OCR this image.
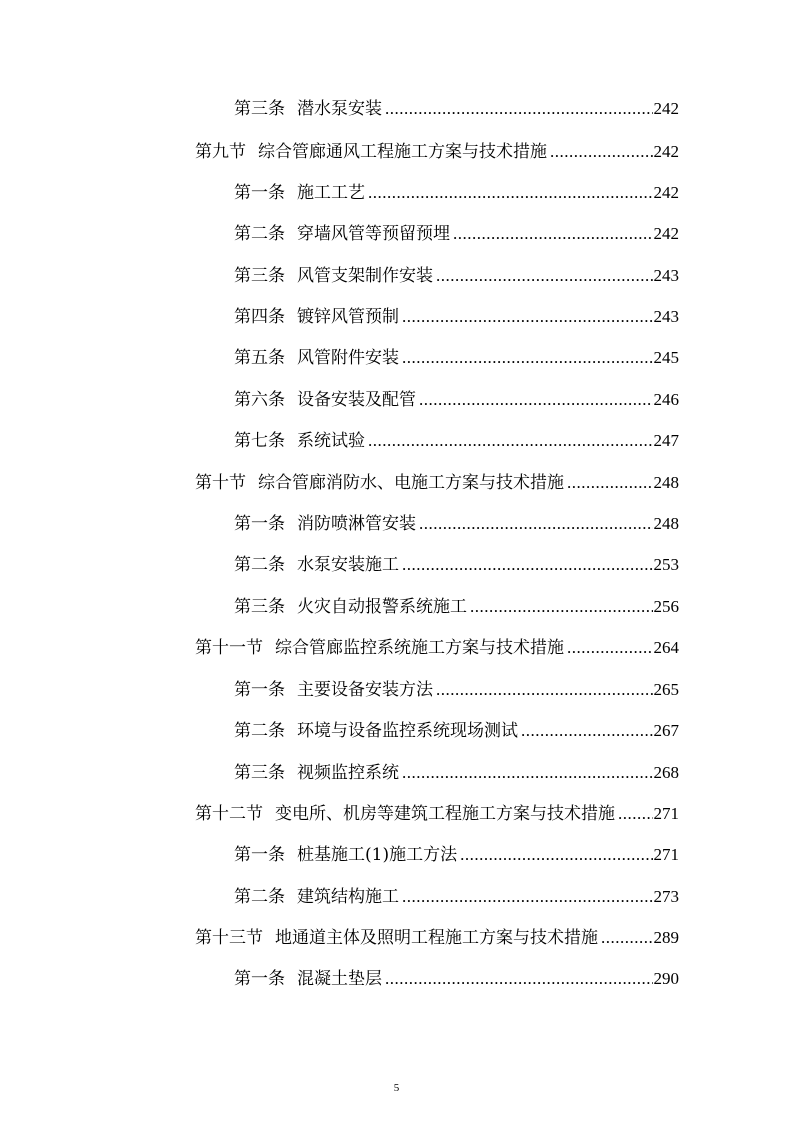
第三条 潜水泵安装 .....	242
第九节 综合管廊通风工程施工方案与技术措施 .....	242
第一条 施工工艺 .....	242
第二条 穿墙风管等预留预埋 .....	242
第三条 风管支架制作安装 .....	243
第四条 镀锌风管预制 .....	243
第五条 风管附件安装 .....	245
第六条 设备安装及配管 .....	246
第七条 系统试验 .....	247
第十节 综合管廊消防水、电施工方案与技术措施 .....	248
第一条 消防喷淋管安装 .....	248
第二条 水泵安装施工 .....	253
第三条 火灾自动报警系统施工 .....	256
第十一节 综合管廊监控系统施工方案与技术措施 .....	264
第一条 主要设备安装方法 .....	265
第二条 环境与设备监控系统现场测试 .....	267
第三条 视频监控系统 .....	268
第十二节 变电所、机房等建筑工程施工方案与技术措施 ..... 271
第一条 桩基施工(1)施工方法 .....	271
第二条 建筑结构施工 .....	273
第十三节 地通道主体及照明工程施工方案与技术措施 .....	289
第一条 混凝土垫层 .....	290
5
